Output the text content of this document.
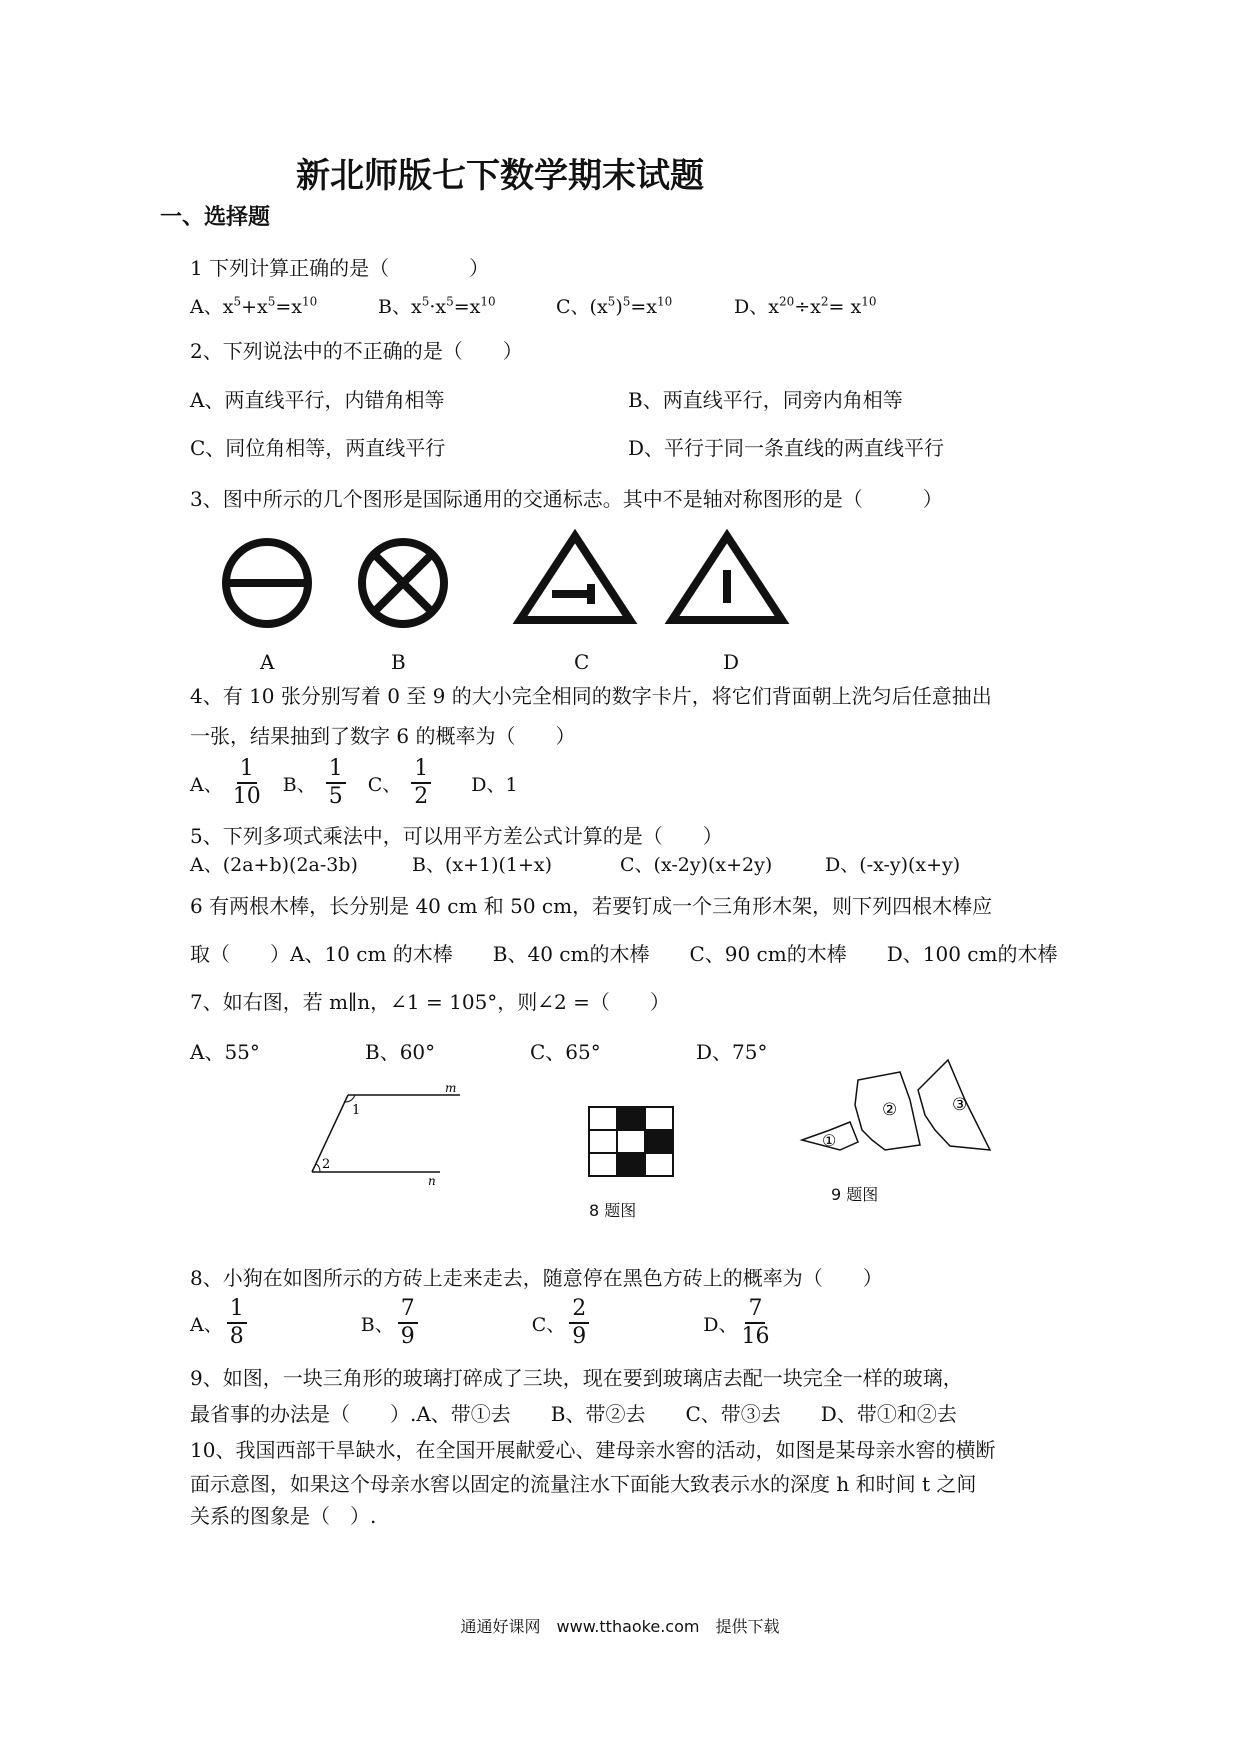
新北师版七下数学期末试题
一、选择题
1 下列计算正确的是（　　　　）
A、$x^5+x^5=x^{10}$	B、$x^5\cdot x^5=x^{10}$	C、$(x^5)^5=x^{10}$	D、$x^{20}\div x^2= x^{10}$
2、下列说法中的不正确的是（　　）
A、两直线平行，内错角相等	B、两直线平行，同旁内角相等
C、同位角相等，两直线平行	D、平行于同一条直线的两直线平行
3、图中所示的几个图形是国际通用的交通标志。其中不是轴对称图形的是（　　　）
A	B	C	D
4、有 10 张分别写着 0 至 9 的大小完全相同的数字卡片，将它们背面朝上洗匀后任意抽出
一张，结果抽到了数字 6 的概率为（　　）
A、 $\frac{1}{10}$ B、 $\frac{1}{5}$ C、 $\frac{1}{2}$ D、1
5、下列多项式乘法中，可以用平方差公式计算的是（　　）
A、(2a+b)(2a-3b)	B、(x+1)(1+x)	C、(x-2y)(x+2y)	D、(-x-y)(x+y)
6 有两根木棒，长分别是 40 cm 和 50 cm，若要钉成一个三角形木架，则下列四根木棒应
取（　　）A、10 cm 的木棒　　B、40 cm的木棒　　C、90 cm的木棒　　D、100 cm的木棒
7、如右图，若 m∥n，∠1 = 105°，则∠2 =（　　）
A、55°	B、60°	C、65°	D、75°
m
n
1
2
8 题图
①
②	③
9 题图
8、小狗在如图所示的方砖上走来走去，随意停在黑色方砖上的概率为（　　）
A、 $\frac{1}{8}$	B、 $\frac{7}{9}$	C、 $\frac{2}{9}$	D、 $\frac{7}{16}$
9、如图，一块三角形的玻璃打碎成了三块，现在要到玻璃店去配一块完全一样的玻璃，
最省事的办法是（　　）.A、带①去　　B、带②去　　C、带③去　　D、带①和②去
10、我国西部干旱缺水，在全国开展献爱心、建母亲水窖的活动，如图是某母亲水窖的横断
面示意图，如果这个母亲水窖以固定的流量注水下面能大致表示水的深度 h 和时间 t 之间
关系的图象是（　）.
通通好课网　www.tthaoke.com　提供下载
